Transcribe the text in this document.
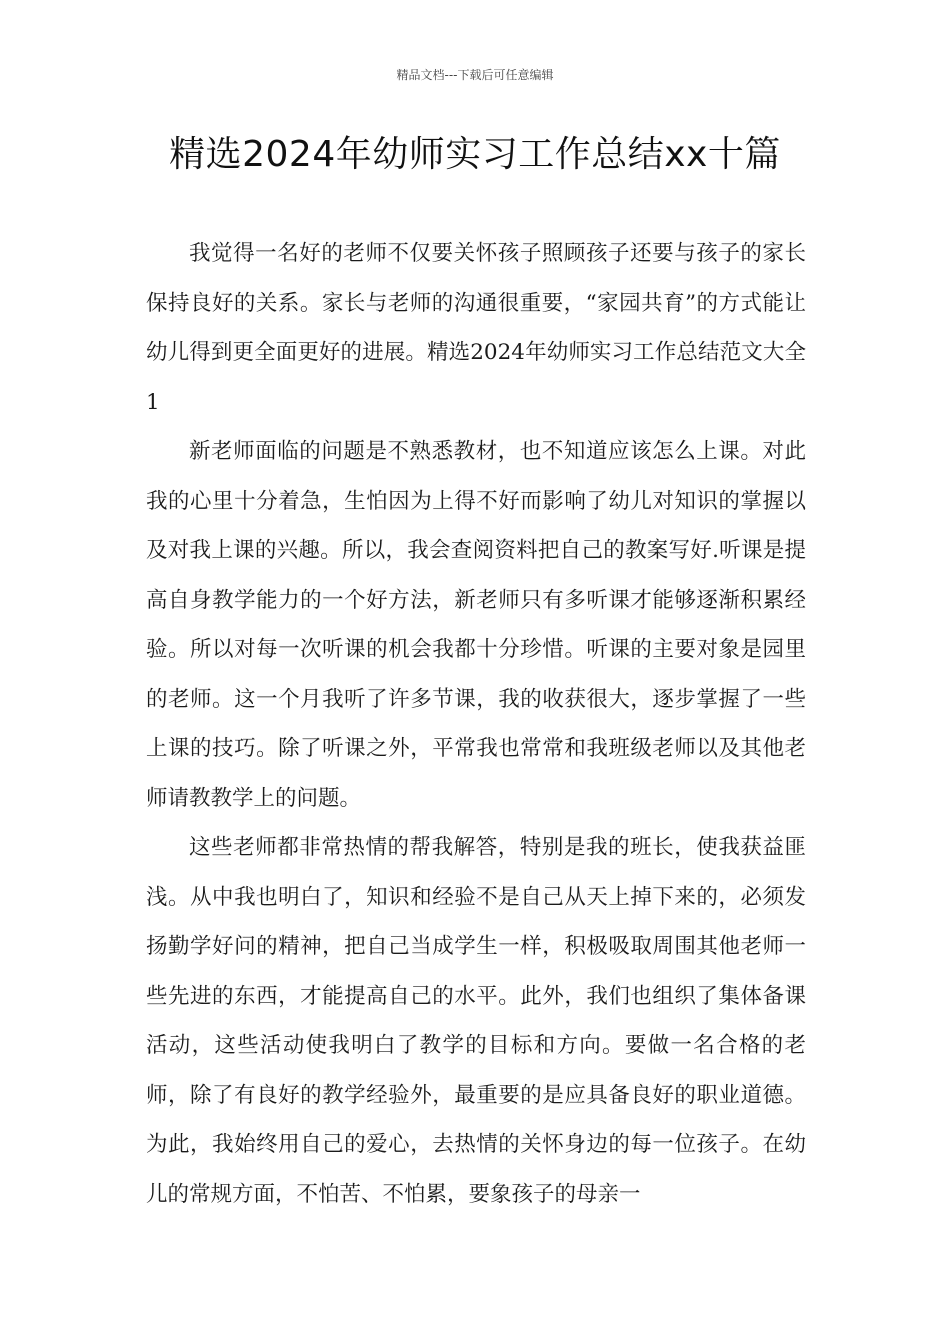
精品文档---下载后可任意编辑
精选2024年幼师实习工作总结xx十篇

我觉得一名好的老师不仅要关怀孩子照顾孩子还要与孩子的家长保持良好的关系。家长与老师的沟通很重要，“家园共育”的方式能让幼儿得到更全面更好的进展。精选2024年幼师实习工作总结范文大全1

新老师面临的问题是不熟悉教材，也不知道应该怎么上课。对此我的心里十分着急，生怕因为上得不好而影响了幼儿对知识的掌握以及对我上课的兴趣。所以，我会查阅资料把自己的教案写好.听课是提高自身教学能力的一个好方法，新老师只有多听课才能够逐渐积累经验。所以对每一次听课的机会我都十分珍惜。听课的主要对象是园里的老师。这一个月我听了许多节课，我的收获很大，逐步掌握了一些上课的技巧。除了听课之外，平常我也常常和我班级老师以及其他老师请教教学上的问题。

这些老师都非常热情的帮我解答，特别是我的班长，使我获益匪浅。从中我也明白了，知识和经验不是自己从天上掉下来的，必须发扬勤学好问的精神，把自己当成学生一样，积极吸取周围其他老师一些先进的东西，才能提高自己的水平。此外，我们也组织了集体备课活动，这些活动使我明白了教学的目标和方向。要做一名合格的老师，除了有良好的教学经验外，最重要的是应具备良好的职业道德。为此，我始终用自己的爱心，去热情的关怀身边的每一位孩子。在幼儿的常规方面，不怕苦、不怕累，要象孩子的母亲一
